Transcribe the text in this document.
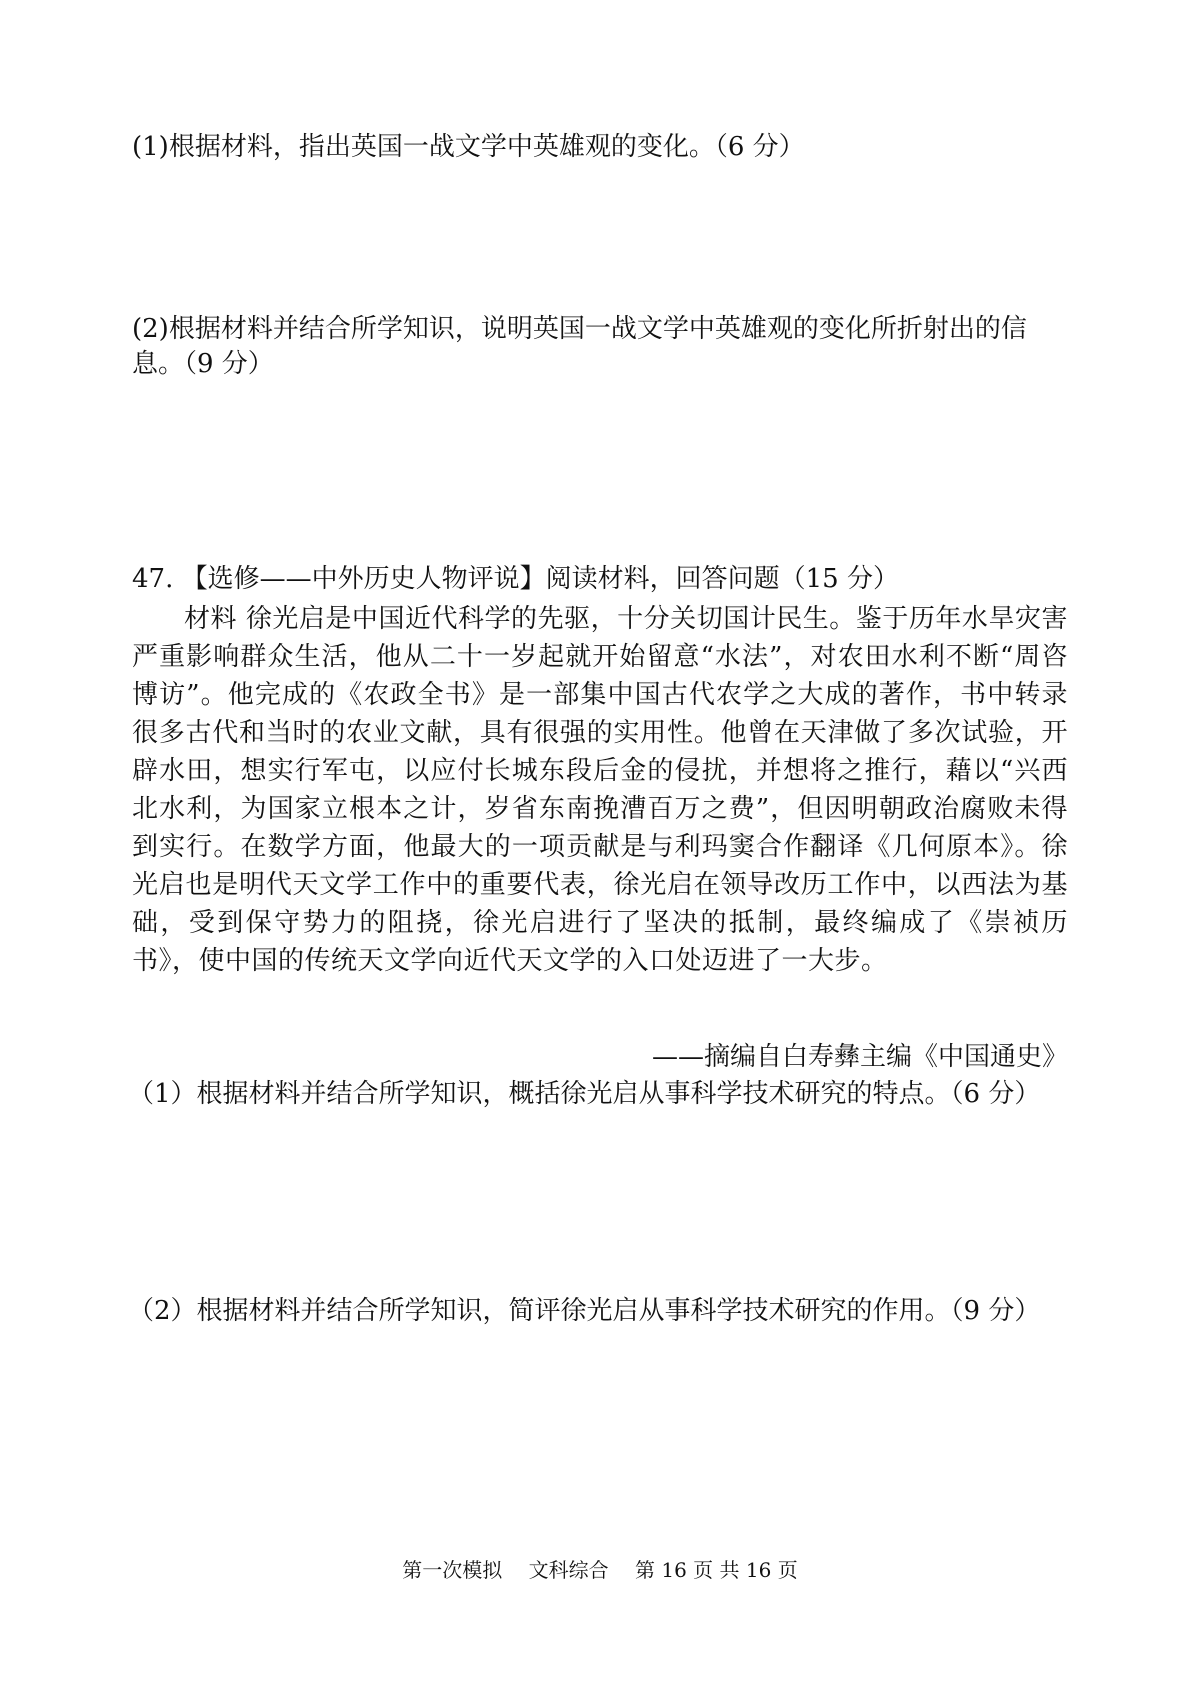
(1)根据材料，指出英国一战文学中英雄观的变化。（6 分）
(2)根据材料并结合所学知识，说明英国一战文学中英雄观的变化所折射出的信
息。（9 分）
47. 【选修——中外历史人物评说】阅读材料，回答问题（15 分）

材料 徐光启是中国近代科学的先驱，十分关切国计民生。鉴于历年水旱灾害严重影响群众生活，他从二十一岁起就开始留意“水法”，对农田水利不断“周咨博访”。他完成的《农政全书》是一部集中国古代农学之大成的著作，书中转录很多古代和当时的农业文献，具有很强的实用性。他曾在天津做了多次试验，开辟水田，想实行军屯，以应付长城东段后金的侵扰，并想将之推行，藉以“兴西北水利，为国家立根本之计，岁省东南挽漕百万之费”，但因明朝政治腐败未得到实行。在数学方面，他最大的一项贡献是与利玛窦合作翻译《几何原本》。徐光启也是明代天文学工作中的重要代表，徐光启在领导改历工作中，以西法为基础，受到保守势力的阻挠，徐光启进行了坚决的抵制，最终编成了《崇祯历书》，使中国的传统天文学向近代天文学的入口处迈进了一大步。

——摘编自白寿彝主编《中国通史》
（1）根据材料并结合所学知识，概括徐光启从事科学技术研究的特点。（6 分）
（2）根据材料并结合所学知识，简评徐光启从事科学技术研究的作用。（9 分）
第一次模拟 文科综合 第 16 页 共 16 页
